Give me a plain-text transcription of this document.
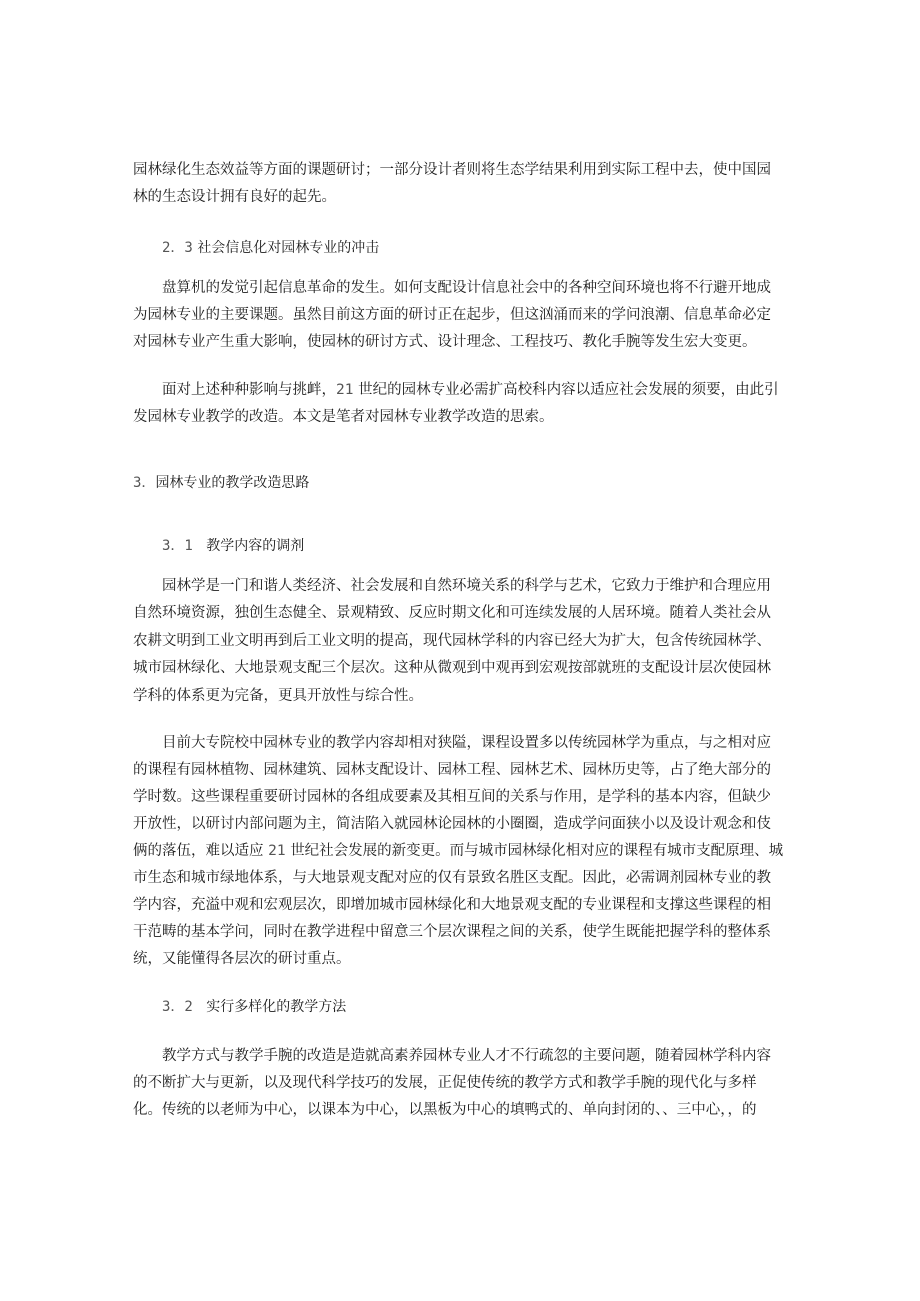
园林绿化生态效益等方面的课题研讨；一部分设计者则将生态学结果利用到实际工程中去，使中国园
林的生态设计拥有良好的起先。
2．3 社会信息化对园林专业的冲击
盘算机的发觉引起信息革命的发生。如何支配设计信息社会中的各种空间环境也将不行避开地成
为园林专业的主要课题。虽然目前这方面的研讨正在起步，但这汹涌而来的学问浪潮、信息革命必定
对园林专业产生重大影响，使园林的研讨方式、设计理念、工程技巧、教化手腕等发生宏大变更。
面对上述种种影响与挑衅，21 世纪的园林专业必需扩高校科内容以适应社会发展的须要，由此引
发园林专业教学的改造。本文是笔者对园林专业教学改造的思索。
3．园林专业的教学改造思路
3．1 教学内容的调剂
园林学是一门和谐人类经济、社会发展和自然环境关系的科学与艺术，它致力于维护和合理应用
自然环境资源，独创生态健全、景观精致、反应时期文化和可连续发展的人居环境。随着人类社会从
农耕文明到工业文明再到后工业文明的提高，现代园林学科的内容已经大为扩大，包含传统园林学、
城市园林绿化、大地景观支配三个层次。这种从微观到中观再到宏观按部就班的支配设计层次使园林
学科的体系更为完备，更具开放性与综合性。
目前大专院校中园林专业的教学内容却相对狭隘，课程设置多以传统园林学为重点，与之相对应
的课程有园林植物、园林建筑、园林支配设计、园林工程、园林艺术、园林历史等，占了绝大部分的
学时数。这些课程重要研讨园林的各组成要素及其相互间的关系与作用，是学科的基本内容，但缺少
开放性，以研讨内部问题为主，简洁陷入就园林论园林的小圈圈，造成学问面狭小以及设计观念和伎
俩的落伍，难以适应 21 世纪社会发展的新变更。而与城市园林绿化相对应的课程有城市支配原理、城
市生态和城市绿地体系，与大地景观支配对应的仅有景致名胜区支配。因此，必需调剂园林专业的教
学内容，充溢中观和宏观层次，即增加城市园林绿化和大地景观支配的专业课程和支撑这些课程的相
干范畴的基本学问，同时在教学进程中留意三个层次课程之间的关系，使学生既能把握学科的整体系
统，又能懂得各层次的研讨重点。
3．2 实行多样化的教学方法
教学方式与教学手腕的改造是造就高素养园林专业人才不行疏忽的主要问题，随着园林学科内容
的不断扩大与更新，以及现代科学技巧的发展，正促使传统的教学方式和教学手腕的现代化与多样
化。传统的以老师为中心，以课本为中心，以黑板为中心的填鸭式的、单向封闭的、、三中心，，的
